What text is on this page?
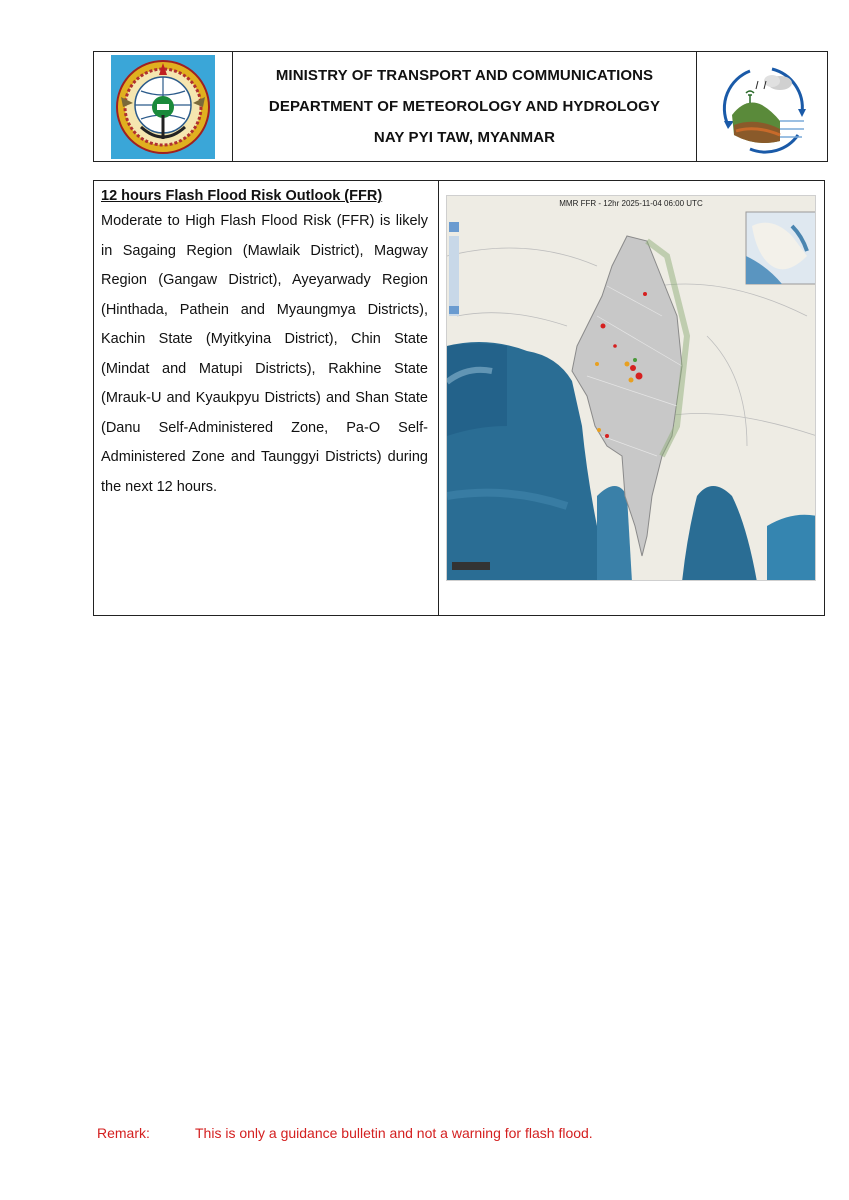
MINISTRY OF TRANSPORT AND COMMUNICATIONS
DEPARTMENT OF METEOROLOGY AND HYDROLOGY
NAY PYI TAW, MYANMAR

12 hours Flash Flood Risk Outlook (FFR)

Moderate to High Flash Flood Risk (FFR) is likely in Sagaing Region (Mawlaik District), Magway Region (Gangaw District), Ayeyarwady Region (Hinthada, Pathein and Myaungmya Districts), Kachin State (Myitkyina District), Chin State (Mindat and Matupi Districts), Rakhine State (Mrauk-U and Kyaukpyu Districts) and Shan State (Danu Self-Administered Zone, Pa-O Self-Administered Zone and Taunggyi Districts) during the next 12 hours.

MMR FFR - 12hr 2025-11-04 06:00 UTC
Remark:	This is only a guidance bulletin and not a warning for flash flood.
